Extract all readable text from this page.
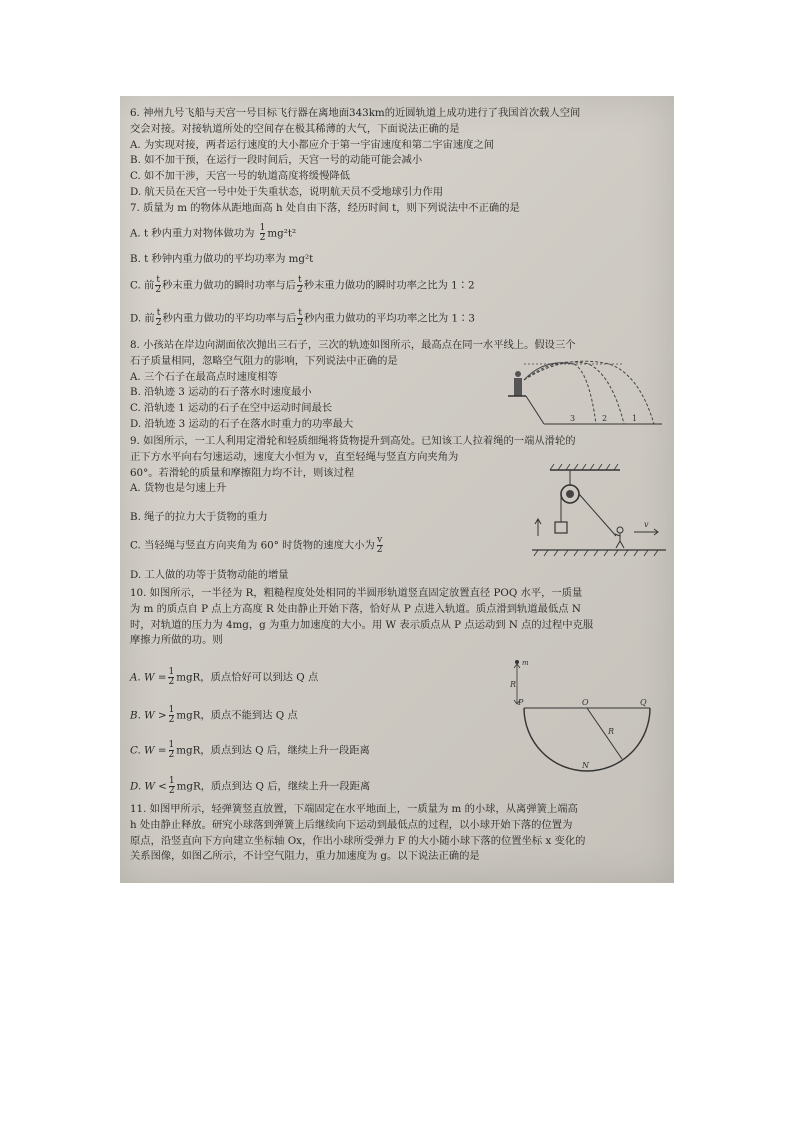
6. 神州九号飞船与天宫一号目标飞行器在离地面343km的近圆轨道上成功进行了我国首次载人空间
交会对接。对接轨道所处的空间存在极其稀薄的大气，下面说法正确的是
A. 为实现对接，两者运行速度的大小都应介于第一宇宙速度和第二宇宙速度之间
B. 如不加干预，在运行一段时间后，天宫一号的动能可能会减小
C. 如不加干涉，天宫一号的轨道高度将缓慢降低
D. 航天员在天宫一号中处于失重状态，说明航天员不受地球引力作用
7. 质量为 m 的物体从距地面高 h 处自由下落，经历时间 t，则下列说法中不正确的是
A. t 秒内重力对物体做功为 $\frac{1}{2} mg^2t^2$
B. t 秒钟内重力做功的平均功率为 mg²t
C. 前 $\frac{t}{2}$ 秒末重力做功的瞬时功率与后 $\frac{t}{2}$ 秒末重力做功的瞬时功率之比为 1∶2
D. 前 $\frac{t}{2}$ 秒内重力做功的平均功率与后 $\frac{t}{2}$ 秒内重力做功的平均功率之比为 1∶3
8. 小孩站在岸边向湖面依次抛出三石子，三次的轨迹如图所示，最高点在同一水平线上。假设三个
石子质量相同，忽略空气阻力的影响，下列说法中正确的是
A. 三个石子在最高点时速度相等
B. 沿轨迹 3 运动的石子落水时速度最小
C. 沿轨迹 1 运动的石子在空中运动时间最长
D. 沿轨迹 3 运动的石子在落水时重力的功率最大	3	2	1
9. 如图所示，一工人利用定滑轮和轻质细绳将货物提升到高处。已知该工人拉着绳的一端从滑轮的
正下方水平向右匀速运动，速度大小恒为 v，直至轻绳与竖直方向夹角为
60°。若滑轮的质量和摩擦阻力均不计，则该过程
A. 货物也是匀速上升
B. 绳子的拉力大于货物的重力
C. 当轻绳与竖直方向夹角为 60° 时货物的速度大小为 $\frac{v}{2}$
D. 工人做的功等于货物动能的增量
v
10. 如图所示，一半径为 R，粗糙程度处处相同的半圆形轨道竖直固定放置直径 POQ 水平，一质量
为 m 的质点自 P 点上方高度 R 处由静止开始下落，恰好从 P 点进入轨道。质点滑到轨道最低点 N
时，对轨道的压力为 4mg，g 为重力加速度的大小。用 W 表示质点从 P 点运动到 N 点的过程中克服
摩擦力所做的功。则
A. $W = \frac{1}{2}$ mgR，质点恰好可以到达 Q 点
B. $W > \frac{1}{2}$ mgR，质点不能到达 Q 点
C. $W = \frac{1}{2}$ mgR，质点到达 Q 后，继续上升一段距离
D. $W < \frac{1}{2}$ mgR，质点到达 Q 后，继续上升一段距离
m
R
P	O	Q
R
N
11. 如图甲所示，轻弹簧竖直放置，下端固定在水平地面上，一质量为 m 的小球，从离弹簧上端高
h 处由静止释放。研究小球落到弹簧上后继续向下运动到最低点的过程，以小球开始下落的位置为
原点，沿竖直向下方向建立坐标轴 Ox，作出小球所受弹力 F 的大小随小球下落的位置坐标 x 变化的
关系图像，如图乙所示，不计空气阻力，重力加速度为 g。以下说法正确的是
